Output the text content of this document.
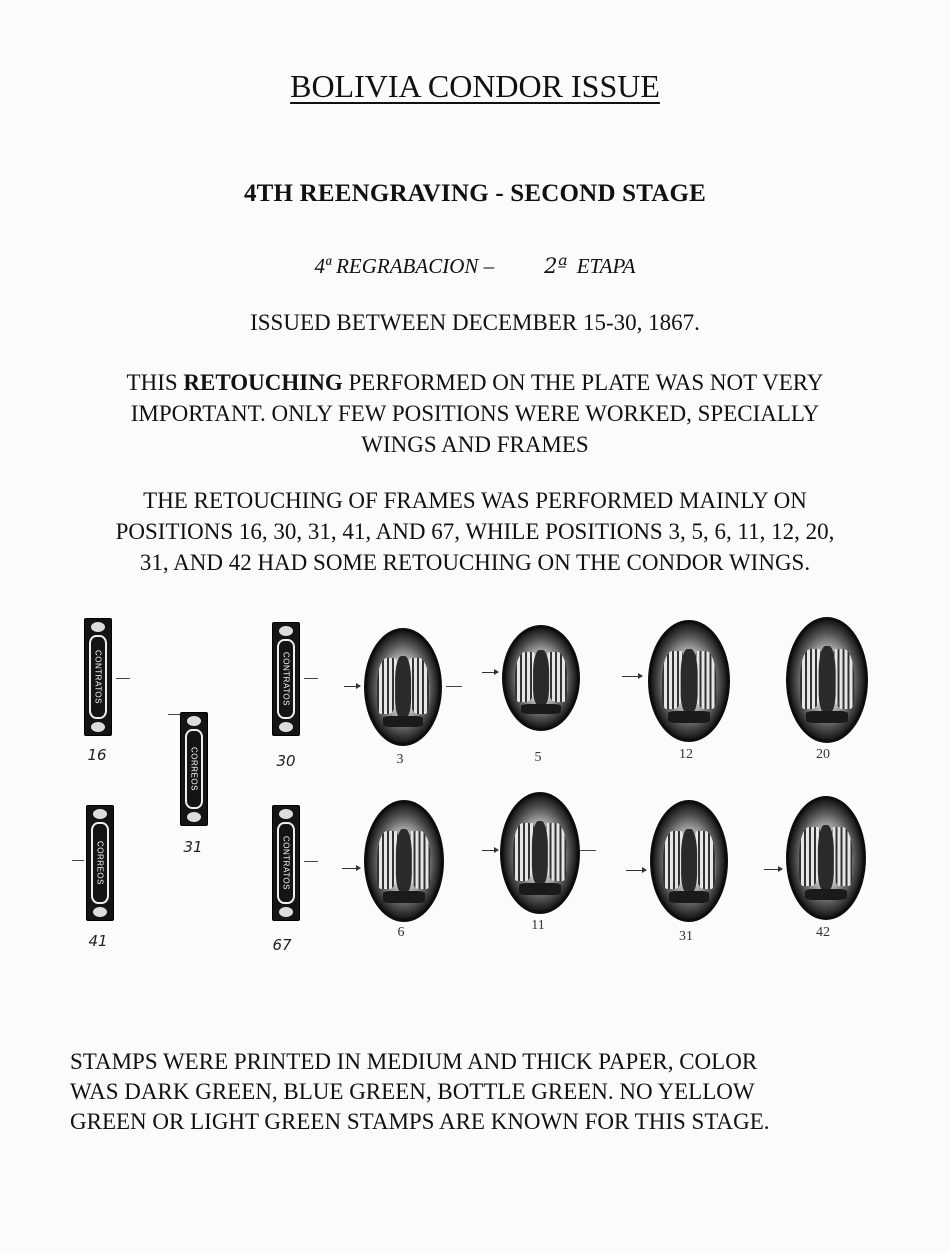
BOLIVIA CONDOR ISSUE
4TH REENGRAVING - SECOND STAGE
4ª REGRABACION – 2ª ETAPA
ISSUED BETWEEN DECEMBER 15-30, 1867.
THIS RETOUCHING PERFORMED ON THE PLATE WAS NOT VERY
IMPORTANT. ONLY FEW POSITIONS WERE WORKED, SPECIALLY
WINGS AND FRAMES
THE RETOUCHING OF FRAMES WAS PERFORMED MAINLY ON
POSITIONS 16, 30, 31, 41, AND 67, WHILE POSITIONS 3, 5, 6, 11, 12, 20,
31, AND 42 HAD SOME RETOUCHING ON THE CONDOR WINGS.
CONTRATOS
16	CORREOS
31
CONTRATOS
30
CORREOS
41
CONTRATOS
67
3	5	12	20
6	11
31	42
STAMPS WERE PRINTED IN MEDIUM AND THICK PAPER, COLOR
WAS DARK GREEN, BLUE GREEN, BOTTLE GREEN. NO YELLOW
GREEN OR LIGHT GREEN STAMPS ARE KNOWN FOR THIS STAGE.
